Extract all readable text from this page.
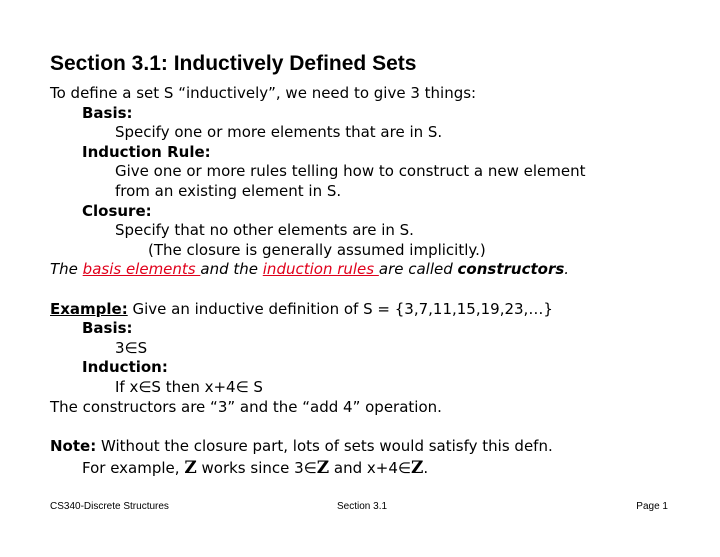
Section 3.1: Inductively Defined Sets
To define a set S “inductively”, we need to give 3 things:
Basis:
Specify one or more elements that are in S.
Induction Rule:
Give one or more rules telling how to construct a new element
from an existing element in S.
Closure:
Specify that no other elements are in S.
(The closure is generally assumed implicitly.)
The basis elements and the induction rules are called constructors.
Example: Give an inductive definition of S = {3,7,11,15,19,23,…}
Basis:
3∈S
Induction:
If x∈S then x+4∈ S
The constructors are “3” and the “add 4” operation.
Note: Without the closure part, lots of sets would satisfy this defn.
For example, Z works since 3∈Z and x+4∈Z.
CS340-Discrete Structures	Section 3.1	Page 1
